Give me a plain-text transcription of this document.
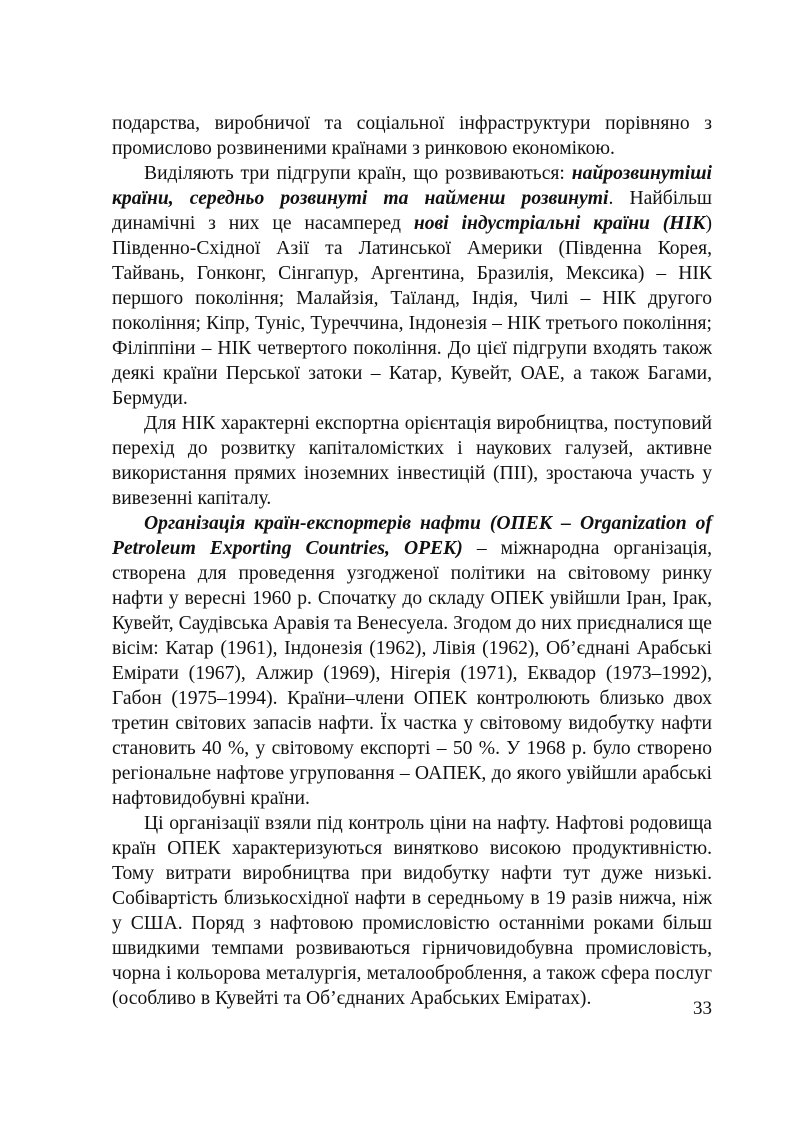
подарства, виробничої та соціальної інфраструктури порівняно з промислово розвиненими країнами з ринковою економікою.

Виділяють три підгрупи країн, що розвиваються: найрозвинутіші країни, середньо розвинуті та найменш розвинуті. Найбільш динамічні з них це насамперед нові індустріальні країни (НІК) Південно-Східної Азії та Латинської Америки (Південна Корея, Тайвань, Гонконг, Сінгапур, Аргентина, Бразилія, Мексика) – НІК першого покоління; Малайзія, Таїланд, Індія, Чилі – НІК другого покоління; Кіпр, Туніс, Туреччина, Індонезія – НІК третього покоління; Філіппіни – НІК четвертого покоління. До цієї підгрупи входять також деякі країни Перської затоки – Катар, Кувейт, ОАЕ, а також Багами, Бермуди.

Для НІК характерні експортна орієнтація виробництва, поступовий перехід до розвитку капіталомістких і наукових галузей, активне використання прямих іноземних інвестицій (ПІІ), зростаюча участь у вивезенні капіталу.

Організація країн-експортерів нафти (ОПЕК – Organization of Petroleum Exporting Countries, OPEK) – міжнародна організація, створена для проведення узгодженої політики на світовому ринку нафти у вересні 1960 р. Спочатку до складу ОПЕК увійшли Іран, Ірак, Кувейт, Саудівська Аравія та Венесуела. Згодом до них приєдналися ще вісім: Катар (1961), Індонезія (1962), Лівія (1962), Об’єднані Арабські Емірати (1967), Алжир (1969), Нігерія (1971), Еквадор (1973–1992), Габон (1975–1994). Країни–члени ОПЕК контролюють близько двох третин світових запасів нафти. Їх частка у світовому видобутку нафти становить 40 %, у світовому експорті – 50 %. У 1968 р. було створено регіональне нафтове угруповання – ОАПЕК, до якого увійшли арабські нафтовидобувні країни.

Ці організації взяли під контроль ціни на нафту. Нафтові родовища країн ОПЕК характеризуються винятково високою продуктивністю. Тому витрати виробництва при видобутку нафти тут дуже низькі. Собівартість близькосхідної нафти в середньому в 19 разів нижча, ніж у США. Поряд з нафтовою промисловістю останніми роками більш швидкими темпами розвиваються гірничовидобувна промисловість, чорна і кольорова металургія, металооброблення, а також сфера послуг (особливо в Кувейті та Об’єднаних Арабських Еміратах).	33
